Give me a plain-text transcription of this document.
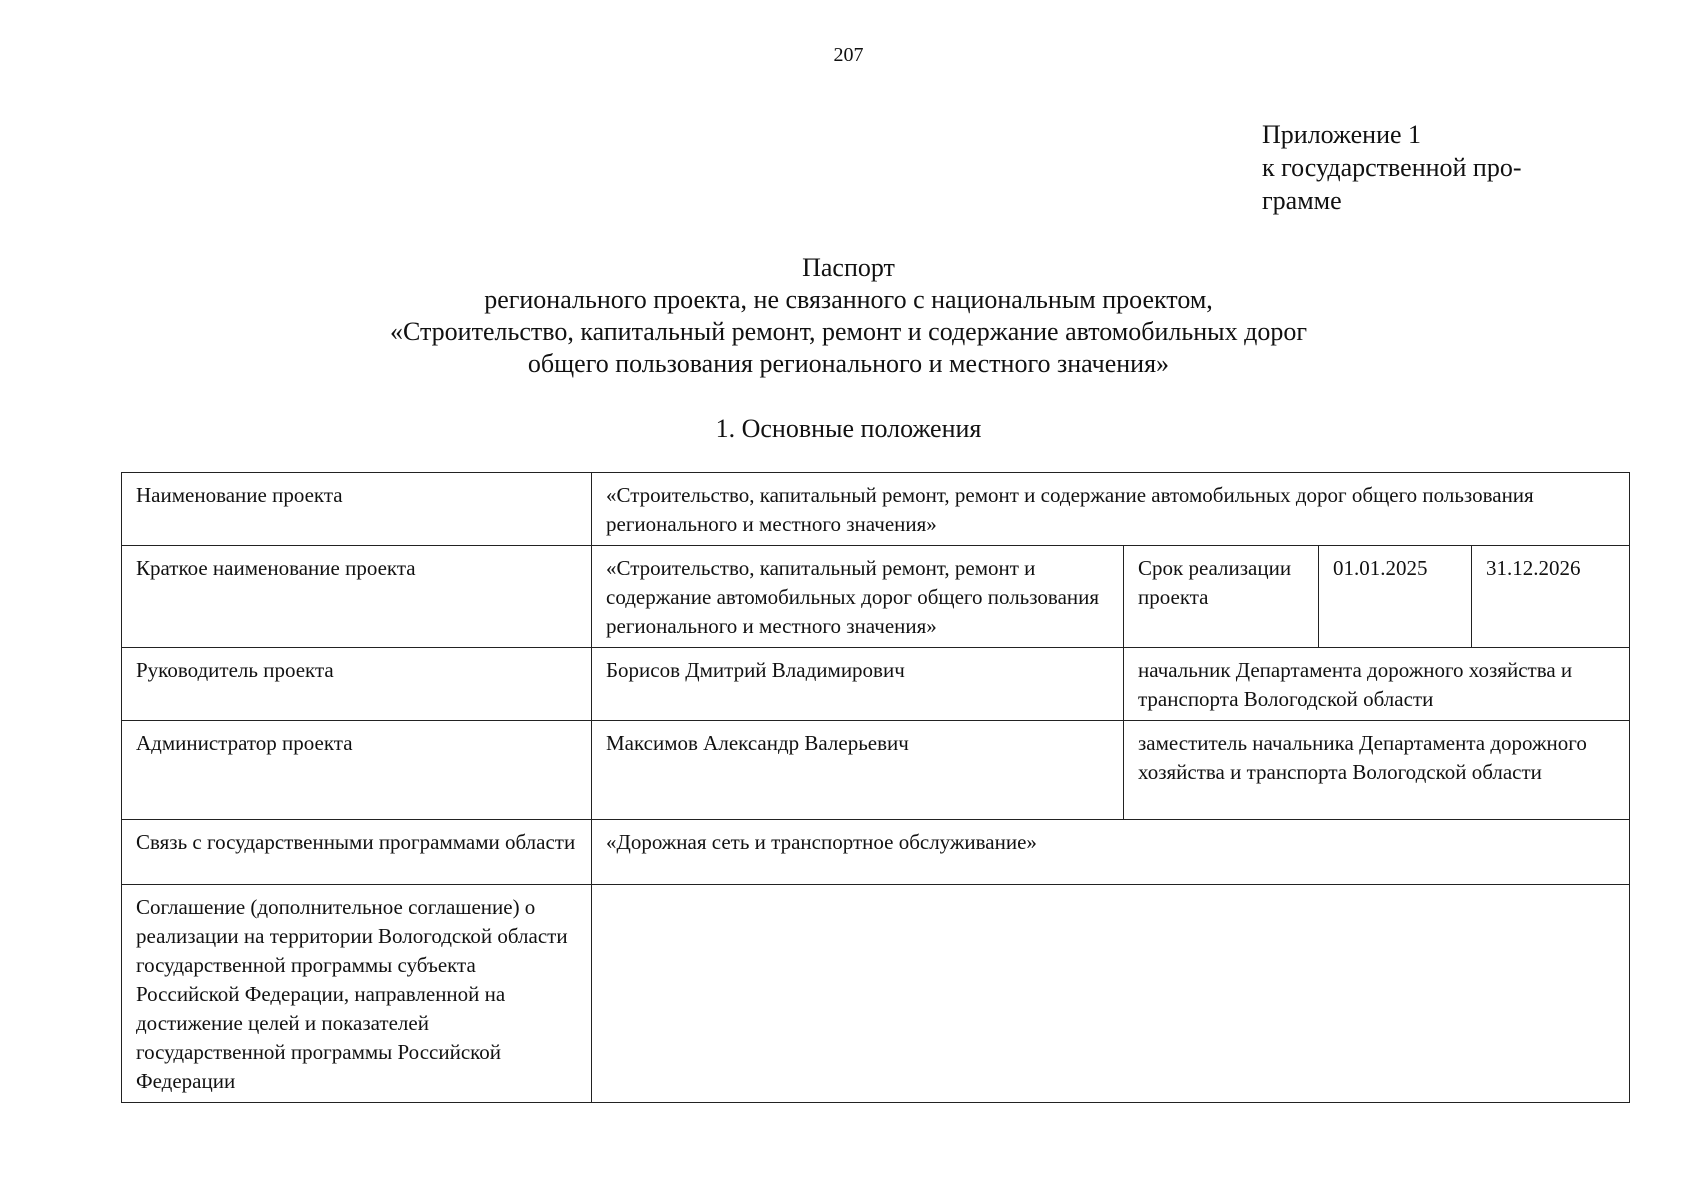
207
Приложение 1
к государственной про-
грамме
Паспорт
регионального проекта, не связанного с национальным проектом,
«Строительство, капитальный ремонт, ремонт и содержание автомобильных дорог
общего пользования регионального и местного значения»
1. Основные положения
Наименование проекта	«Строительство, капитальный ремонт, ремонт и содержание автомобильных дорог общего пользования регионального и местного значения»			
Краткое наименование проекта	«Строительство, капитальный ремонт, ремонт и содержание автомобильных дорог общего пользования регионального и местного значения»	Срок реализации проекта	01.01.2025	31.12.2026
Руководитель проекта	Борисов Дмитрий Владимирович	начальник Департамента дорожного хозяйства и транспорта Вологодской области		
Администратор проекта	Максимов Александр Валерьевич	заместитель начальника Департамента дорожного хозяйства и транспорта Вологодской области		
Связь с государственными программами области	«Дорожная сеть и транспортное обслуживание»			
Соглашение (дополнительное соглашение) о реализации на территории Вологодской области государственной программы субъекта Российской Федерации, направленной на достижение целей и показателей государственной программы Российской Федерации				
